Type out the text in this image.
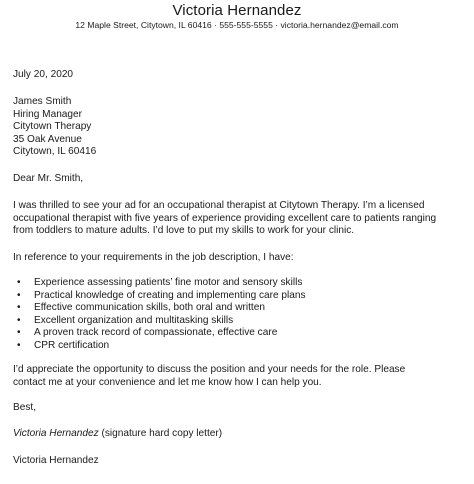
Victoria Hernandez
12 Maple Street, Citytown, IL 60416 · 555-555-5555 · victoria.hernandez@email.com
July 20, 2020
James Smith
Hiring Manager
Citytown Therapy
35 Oak Avenue
Citytown, IL 60416
Dear Mr. Smith,
I was thrilled to see your ad for an occupational therapist at Citytown Therapy. I’m a licensed
occupational therapist with five years of experience providing excellent care to patients ranging
from toddlers to mature adults. I’d love to put my skills to work for your clinic.
In reference to your requirements in the job description, I have:
• Experience assessing patients’ fine motor and sensory skills
• Practical knowledge of creating and implementing care plans
• Effective communication skills, both oral and written
• Excellent organization and multitasking skills
• A proven track record of compassionate, effective care
• CPR certification
I’d appreciate the opportunity to discuss the position and your needs for the role. Please
contact me at your convenience and let me know how I can help you.
Best,
Victoria Hernandez (signature hard copy letter)
Victoria Hernandez
